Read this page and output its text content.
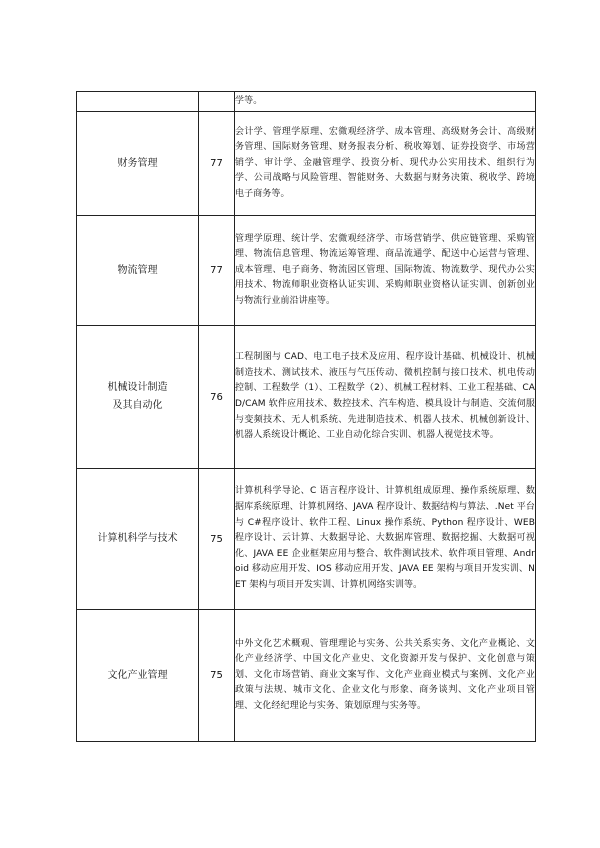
		学等。

财务管理	77	会计学、管理学原理、宏微观经济学、成本管理、高级财务会计、高级财务管理、国际财务管理、财务报表分析、税收筹划、证券投资学、市场营销学、审计学、金融管理学、投资分析、现代办公实用技术、组织行为学、公司战略与风险管理、智能财务、大数据与财务决策、税收学、跨境电子商务等。

物流管理	77	管理学原理、统计学、宏微观经济学、市场营销学、供应链管理、采购管理、物流信息管理、物流运筹管理、商品流通学、配送中心运营与管理、成本管理、电子商务、物流园区管理、国际物流、物流数学、现代办公实用技术、物流师职业资格认证实训、采购师职业资格认证实训、创新创业与物流行业前沿讲座等。

机械设计制造
及其自动化	76	工程制图与 CAD、电工电子技术及应用、程序设计基础、机械设计、机械制造技术、测试技术、液压与气压传动、微机控制与接口技术、机电传动控制、工程数学（1）、工程数学（2）、机械工程材料、工业工程基础、CAD/CAM 软件应用技术、数控技术、汽车构造、模具设计与制造、交流伺服与变频技术、无人机系统、先进制造技术、机器人技术、机械创新设计、机器人系统设计概论、工业自动化综合实训、机器人视觉技术等。

计算机科学与技术	75	计算机科学导论、C 语言程序设计、计算机组成原理、操作系统原理、数据库系统原理、计算机网络、JAVA 程序设计、数据结构与算法、.Net 平台与 C#程序设计、软件工程、Linux 操作系统、Python 程序设计、WEB 程序设计、云计算、大数据导论、大数据库管理、数据挖掘、大数据可视化、JAVA EE 企业框架应用与整合、软件测试技术、软件项目管理、Android 移动应用开发、IOS 移动应用开发、JAVA EE 架构与项目开发实训、NET 架构与项目开发实训、计算机网络实训等。

文化产业管理	75	中外文化艺术概观、管理理论与实务、公共关系实务、文化产业概论、文化产业经济学、中国文化产业史、文化资源开发与保护、文化创意与策划、文化市场营销、商业文案写作、文化产业商业模式与案例、文化产业政策与法规、城市文化、企业文化与形象、商务谈判、文化产业项目管理、文化经纪理论与实务、策划原理与实务等。
